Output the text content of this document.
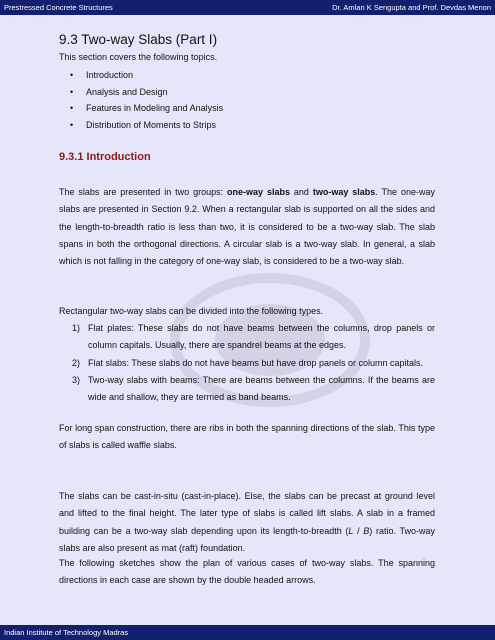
Prestressed Concrete Structures	Dr. Amlan K Sengupta and Prof. Devdas Menon
9.3 Two-way Slabs (Part I)
This section covers the following topics.
• Introduction
• Analysis and Design
• Features in Modeling and Analysis
• Distribution of Moments to Strips
9.3.1 Introduction
The slabs are presented in two groups: one-way slabs and two-way slabs. The one-way slabs are presented in Section 9.2. When a rectangular slab is supported on all the sides and the length-to-breadth ratio is less than two, it is considered to be a two-way slab. The slab spans in both the orthogonal directions. A circular slab is a two-way slab. In general, a slab which is not falling in the category of one-way slab, is considered to be a two-way slab.
Rectangular two-way slabs can be divided into the following types.
1) Flat plates: These slabs do not have beams between the columns, drop panels or column capitals. Usually, there are spandrel beams at the edges.
2) Flat slabs: These slabs do not have beams but have drop panels or column capitals.
3) Two-way slabs with beams: There are beams between the columns. If the beams are wide and shallow, they are termed as band beams.
For long span construction, there are ribs in both the spanning directions of the slab. This type of slabs is called waffle slabs.
The slabs can be cast-in-situ (cast-in-place). Else, the slabs can be precast at ground level and lifted to the final height. The later type of slabs is called lift slabs. A slab in a framed building can be a two-way slab depending upon its length-to-breadth (L / B) ratio. Two-way slabs are also present as mat (raft) foundation.
The following sketches show the plan of various cases of two-way slabs. The spanning directions in each case are shown by the double headed arrows.
Indian Institute of Technology Madras
